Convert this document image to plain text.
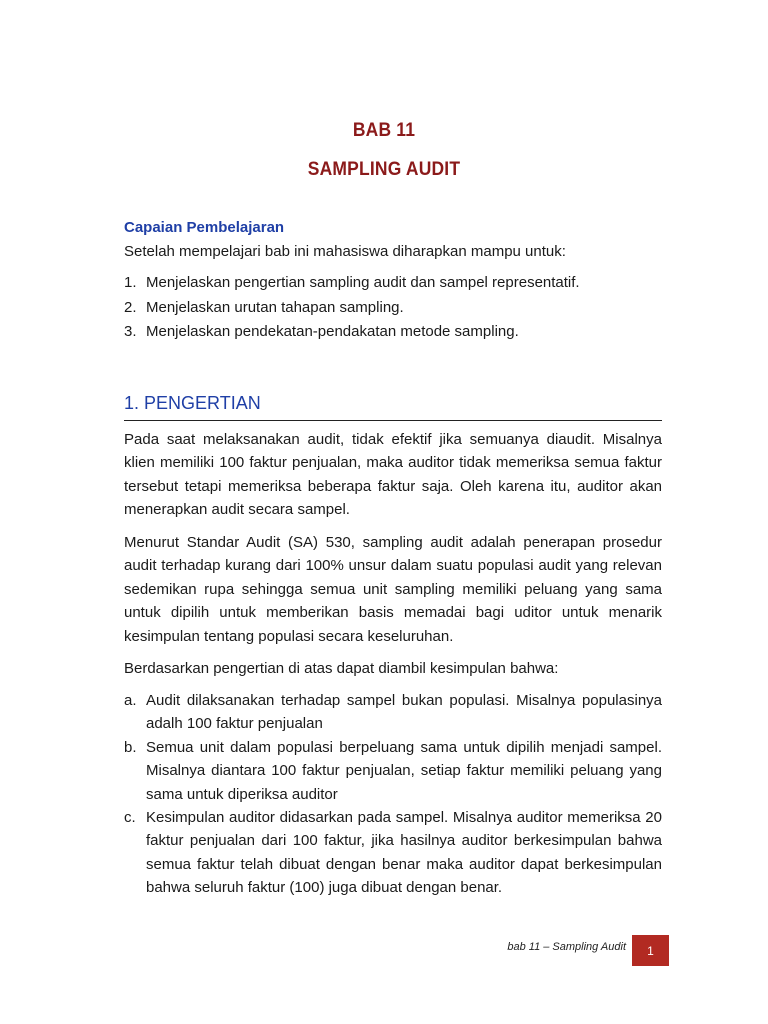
BAB 11
SAMPLING AUDIT
Capaian Pembelajaran
Setelah mempelajari bab ini mahasiswa diharapkan mampu untuk:
1. Menjelaskan pengertian sampling audit dan sampel representatif.
2. Menjelaskan urutan tahapan sampling.
3. Menjelaskan pendekatan-pendakatan metode sampling.
1. PENGERTIAN
Pada saat melaksanakan audit, tidak efektif jika semuanya diaudit. Misalnya klien memiliki 100 faktur penjualan, maka auditor tidak memeriksa semua faktur tersebut tetapi memeriksa beberapa faktur saja. Oleh karena itu, auditor akan menerapkan audit secara sampel.
Menurut Standar Audit (SA) 530, sampling audit adalah penerapan prosedur audit terhadap kurang dari 100% unsur dalam suatu populasi audit yang relevan sedemikan rupa sehingga semua unit sampling memiliki peluang yang sama untuk dipilih untuk memberikan basis memadai bagi uditor untuk menarik kesimpulan tentang populasi secara keseluruhan.
Berdasarkan pengertian di atas dapat diambil kesimpulan bahwa:
a. Audit dilaksanakan terhadap sampel bukan populasi. Misalnya populasinya adalh 100 faktur penjualan
b. Semua unit dalam populasi berpeluang sama untuk dipilih menjadi sampel. Misalnya diantara 100 faktur penjualan, setiap faktur memiliki peluang yang sama untuk diperiksa auditor
c. Kesimpulan auditor didasarkan pada sampel. Misalnya auditor memeriksa 20 faktur penjualan dari 100 faktur, jika hasilnya auditor berkesimpulan bahwa semua faktur telah dibuat dengan benar maka auditor dapat berkesimpulan bahwa seluruh faktur (100) juga dibuat dengan benar.
bab 11 – Sampling Audit 1
